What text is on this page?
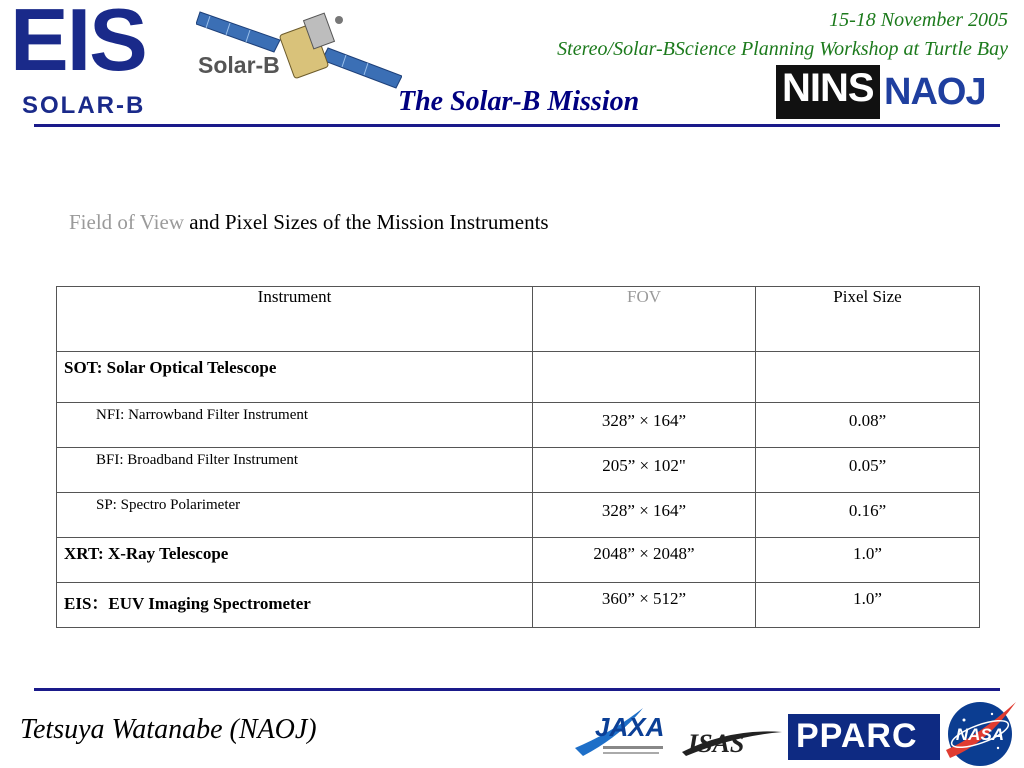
EIS
SOLAR-B
Solar-B
15-18 November 2005
Stereo/Solar-BScience Planning Workshop at Turtle Bay
The Solar-B Mission	NINS NAOJ
Field of View and Pixel Sizes of the Mission Instruments
Instrument	FOV	Pixel Size

SOT: Solar Optical Telescope		

NFI: Narrowband Filter Instrument	328” × 164”	0.08”

BFI: Broadband Filter Instrument	205” × 102"	0.05”

SP: Spectro Polarimeter	328” × 164”	0.16”

XRT: X-Ray Telescope	2048” × 2048”	1.0”

EIS：EUV Imaging Spectrometer	360” × 512”	1.0”
Tetsuya Watanabe (NAOJ)	JAXA
ISAS PPARC NASA
